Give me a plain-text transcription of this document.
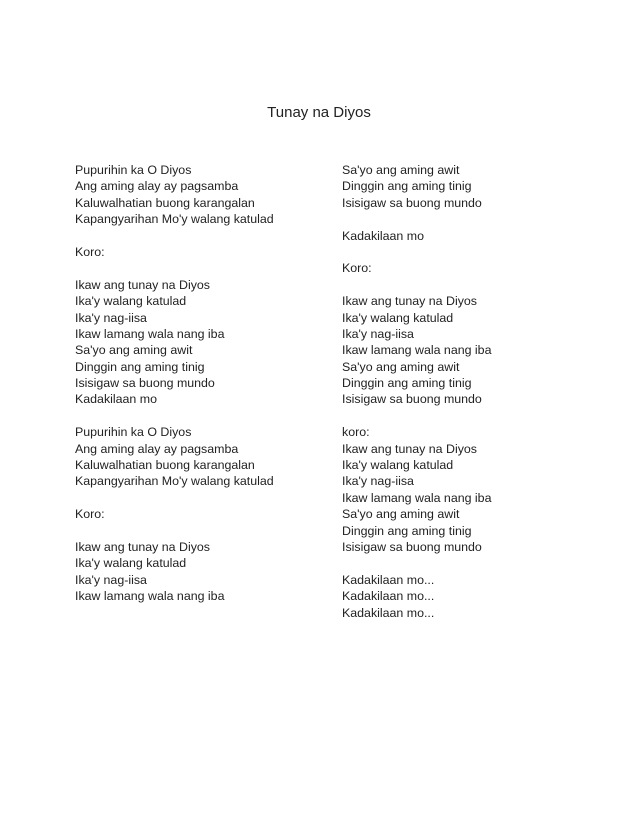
Tunay na Diyos
Pupurihin ka O Diyos
Ang aming alay ay pagsamba
Kaluwalhatian buong karangalan
Kapangyarihan Mo'y walang katulad
Koro:
Ikaw ang tunay na Diyos
Ika'y walang katulad
Ika'y nag-iisa
Ikaw lamang wala nang iba
Sa'yo ang aming awit
Dinggin ang aming tinig
Isisigaw sa buong mundo
Kadakilaan mo
Pupurihin ka O Diyos
Ang aming alay ay pagsamba
Kaluwalhatian buong karangalan
Kapangyarihan Mo'y walang katulad
Koro:
Ikaw ang tunay na Diyos
Ika'y walang katulad
Ika'y nag-iisa
Ikaw lamang wala nang iba
Sa'yo ang aming awit
Dinggin ang aming tinig
Isisigaw sa buong mundo
Kadakilaan mo
Koro:
Ikaw ang tunay na Diyos
Ika'y walang katulad
Ika'y nag-iisa
Ikaw lamang wala nang iba
Sa'yo ang aming awit
Dinggin ang aming tinig
Isisigaw sa buong mundo
koro:
Ikaw ang tunay na Diyos
Ika'y walang katulad
Ika'y nag-iisa
Ikaw lamang wala nang iba
Sa'yo ang aming awit
Dinggin ang aming tinig
Isisigaw sa buong mundo
Kadakilaan mo...
Kadakilaan mo...
Kadakilaan mo...
